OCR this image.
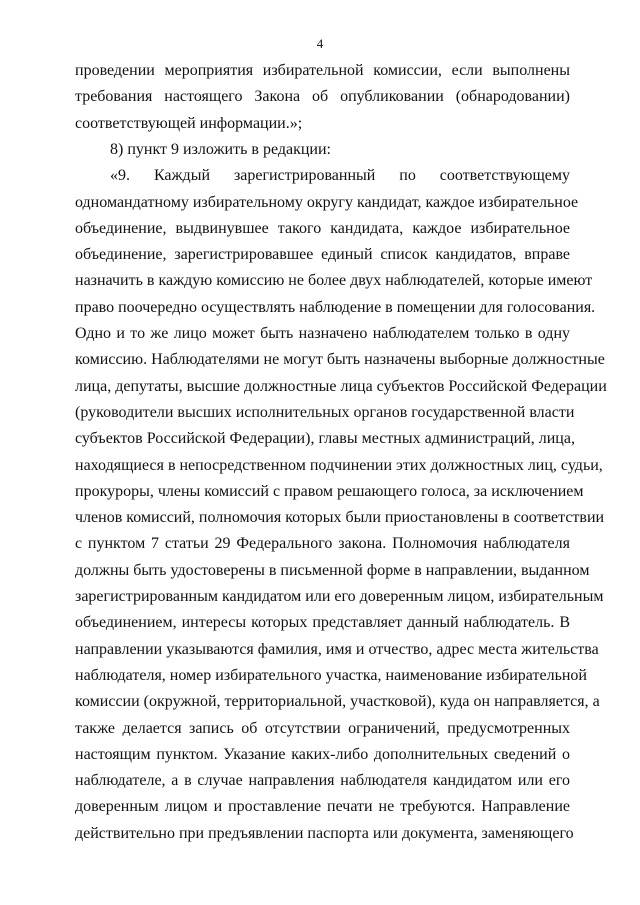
4
проведении мероприятия избирательной комиссии, если выполнены
требования настоящего Закона об опубликовании (обнародовании)
соответствующей информации.»;
8) пункт 9 изложить в редакции:
«9. Каждый зарегистрированный по соответствующему
одномандатному избирательному округу кандидат, каждое избирательное
объединение, выдвинувшее такого кандидата, каждое избирательное
объединение, зарегистрировавшее единый список кандидатов, вправе
назначить в каждую комиссию не более двух наблюдателей, которые имеют
право поочередно осуществлять наблюдение в помещении для голосования.
Одно и то же лицо может быть назначено наблюдателем только в одну
комиссию. Наблюдателями не могут быть назначены выборные должностные
лица, депутаты, высшие должностные лица субъектов Российской Федерации
(руководители высших исполнительных органов государственной власти
субъектов Российской Федерации), главы местных администраций, лица,
находящиеся в непосредственном подчинении этих должностных лиц, судьи,
прокуроры, члены комиссий с правом решающего голоса, за исключением
членов комиссий, полномочия которых были приостановлены в соответствии
с пунктом 7 статьи 29 Федерального закона. Полномочия наблюдателя
должны быть удостоверены в письменной форме в направлении, выданном
зарегистрированным кандидатом или его доверенным лицом, избирательным
объединением, интересы которых представляет данный наблюдатель. В
направлении указываются фамилия, имя и отчество, адрес места жительства
наблюдателя, номер избирательного участка, наименование избирательной
комиссии (окружной, территориальной, участковой), куда он направляется, а
также делается запись об отсутствии ограничений, предусмотренных
настоящим пунктом. Указание каких-либо дополнительных сведений о
наблюдателе, а в случае направления наблюдателя кандидатом или его
доверенным лицом и проставление печати не требуются. Направление
действительно при предъявлении паспорта или документа, заменяющего
